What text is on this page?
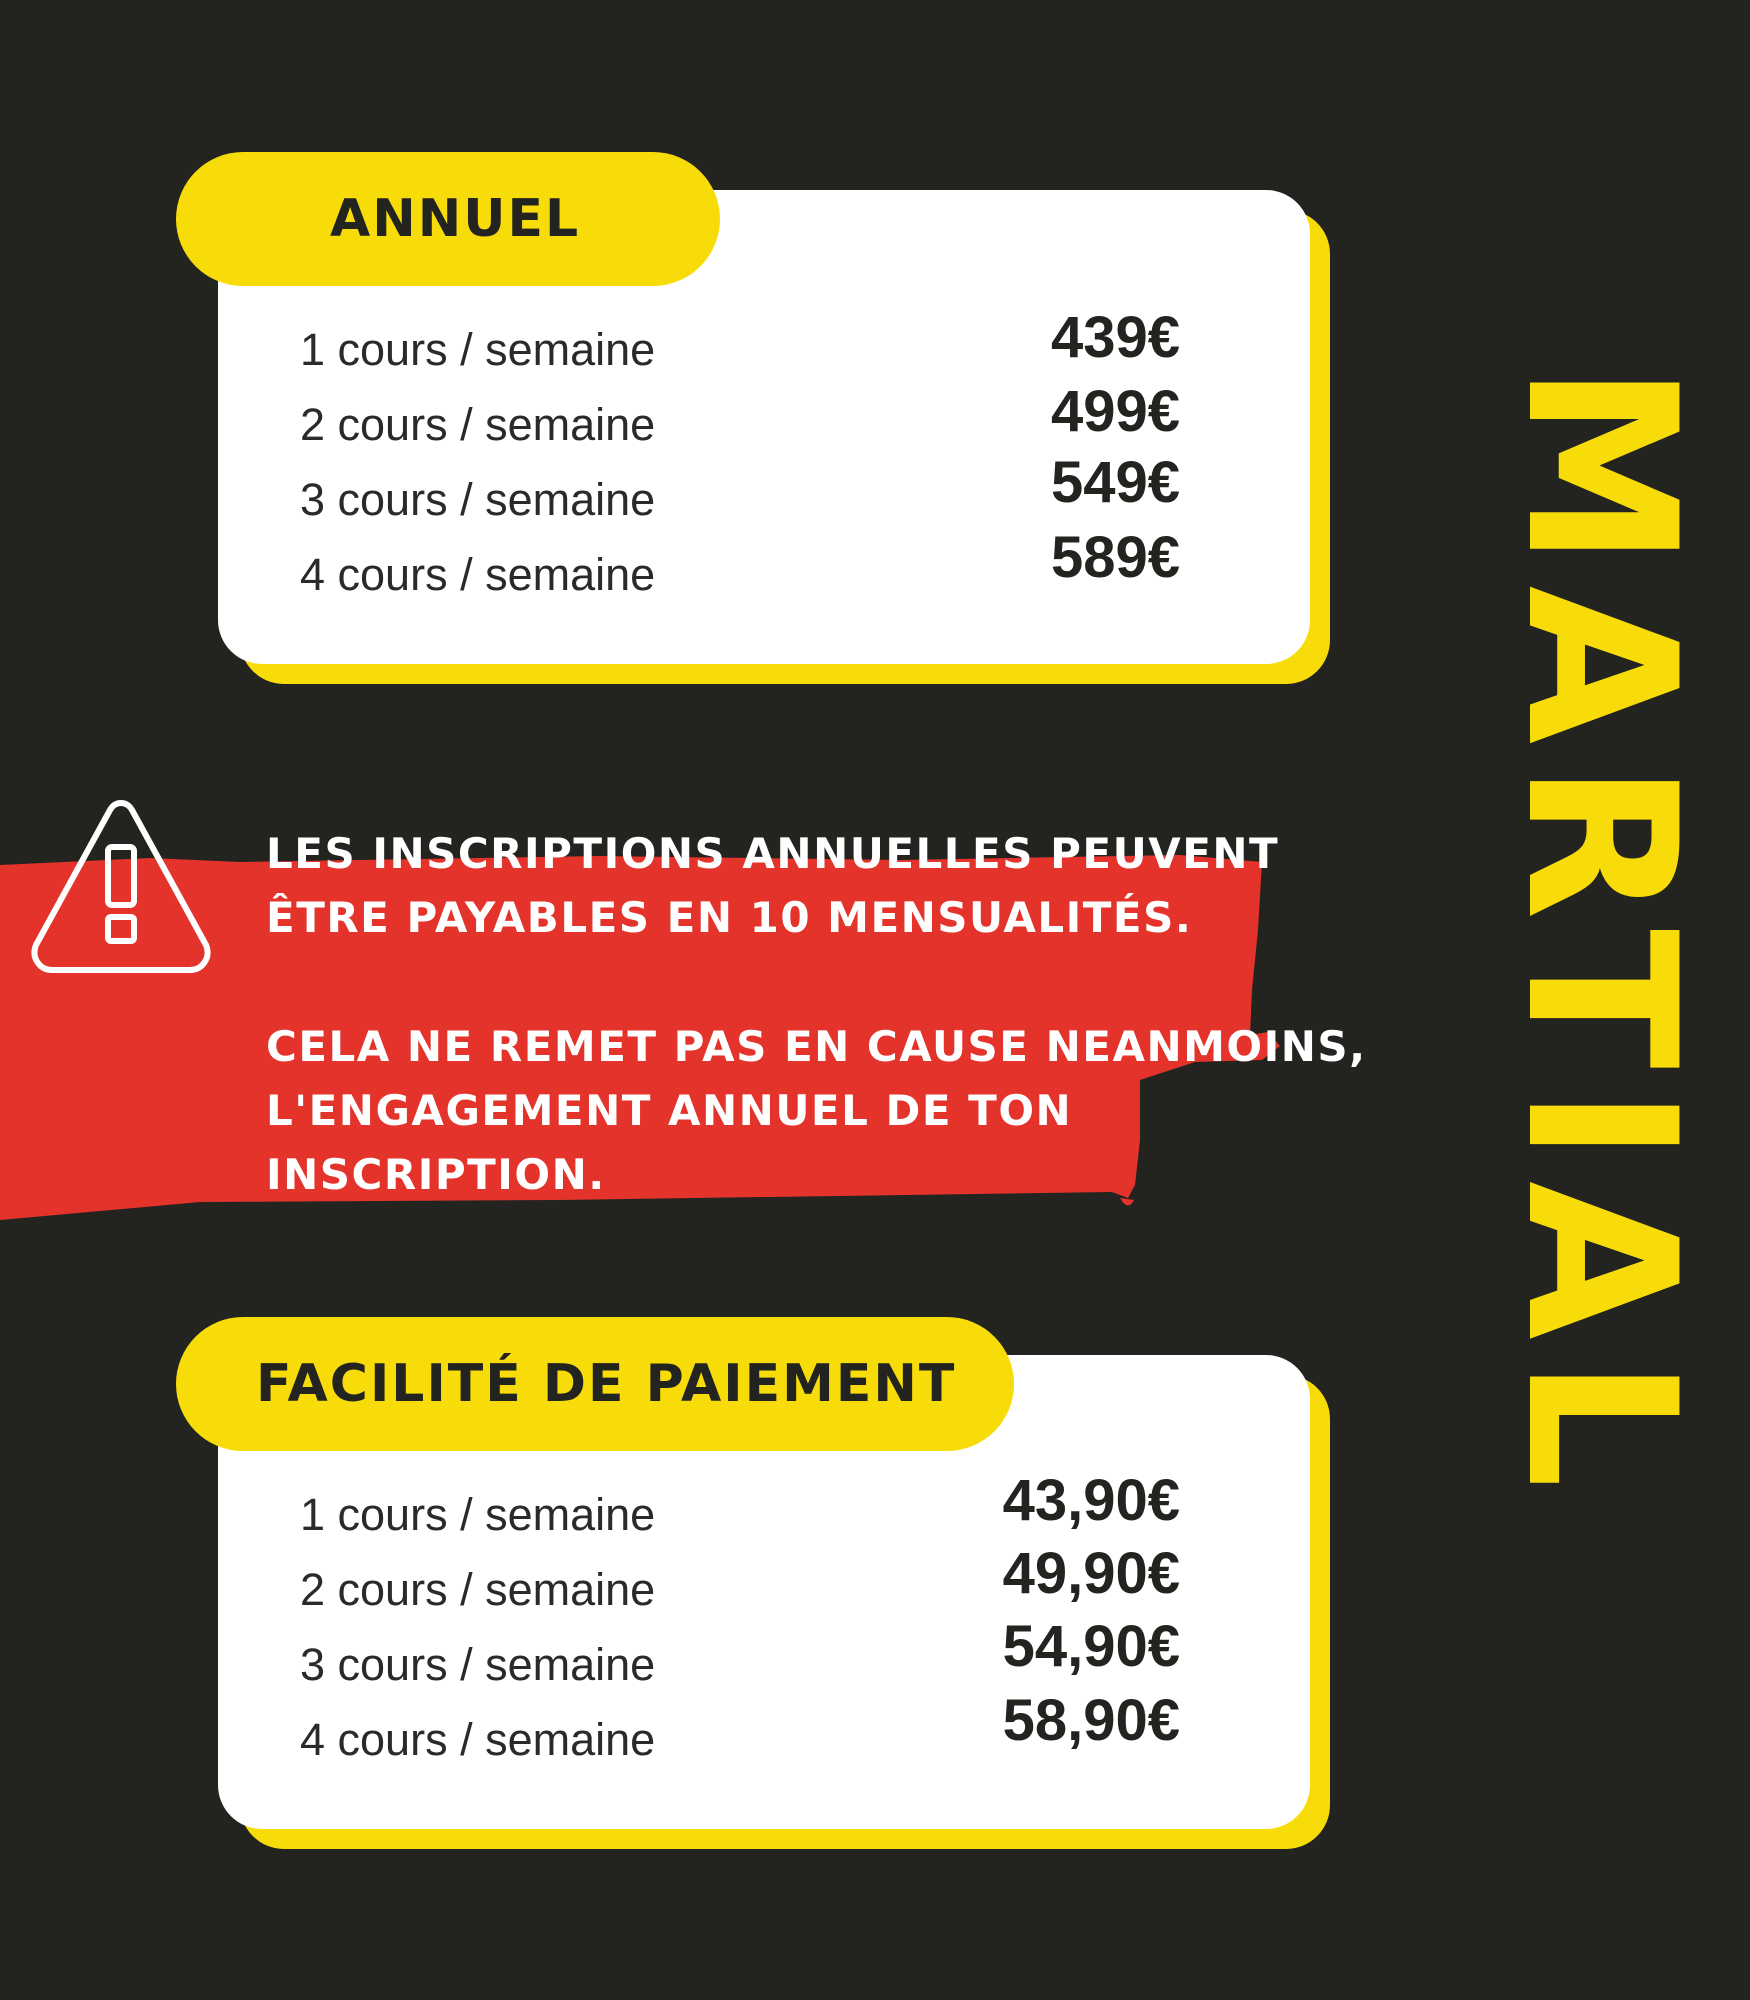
1 cours / semaine	439€
2 cours / semaine	499€
3 cours / semaine	549€
4 cours / semaine	589€
ANNUEL
LES INSCRIPTIONS ANNUELLES PEUVENT
ÊTRE PAYABLES EN 10 MENSUALITÉS.
CELA NE REMET PAS EN CAUSE NEANMOINS,
L'ENGAGEMENT ANNUEL DE TON
INSCRIPTION.
1 cours / semaine	43,90€
2 cours / semaine	49,90€
3 cours / semaine	54,90€
4 cours / semaine	58,90€
FACILITÉ DE PAIEMENT	MARTIAL
